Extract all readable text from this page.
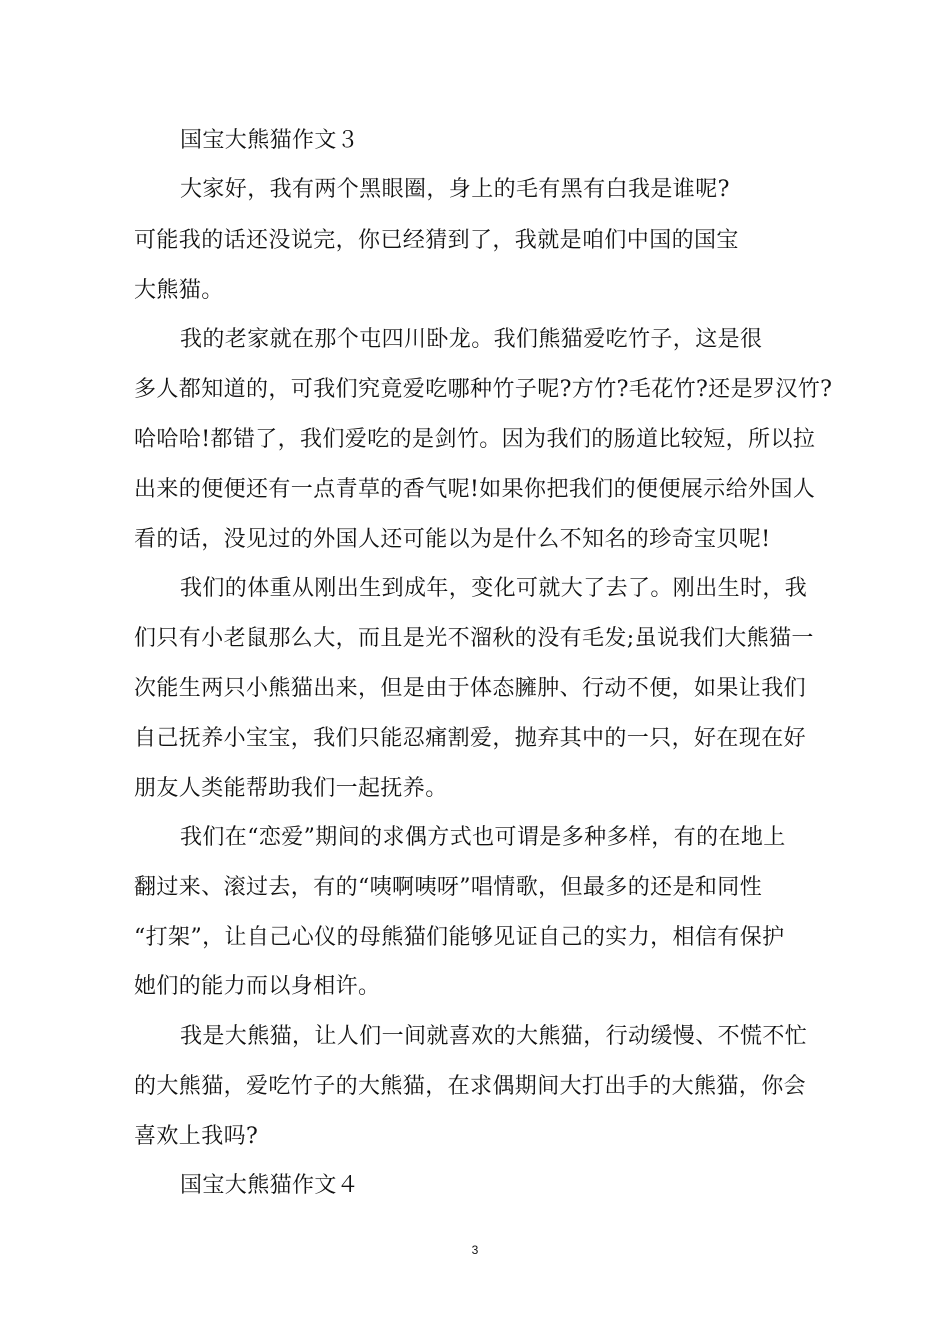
国宝大熊猫作文３
大家好，我有两个黑眼圈，身上的毛有黑有白我是谁呢?
可能我的话还没说完，你已经猜到了，我就是咱们中国的国宝
大熊猫。
我的老家就在那个屯四川卧龙。我们熊猫爱吃竹子，这是很
多人都知道的，可我们究竟爱吃哪种竹子呢?方竹?毛花竹?还是罗汉竹?
哈哈哈!都错了，我们爱吃的是剑竹。因为我们的肠道比较短，所以拉
出来的便便还有一点青草的香气呢!如果你把我们的便便展示给外国人
看的话，没见过的外国人还可能以为是什么不知名的珍奇宝贝呢!
我们的体重从刚出生到成年，变化可就大了去了。刚出生时，我
们只有小老鼠那么大，而且是光不溜秋的没有毛发;虽说我们大熊猫一
次能生两只小熊猫出来，但是由于体态臃肿、行动不便，如果让我们
自己抚养小宝宝，我们只能忍痛割爱，抛弃其中的一只，好在现在好
朋友人类能帮助我们一起抚养。
我们在“恋爱”期间的求偶方式也可谓是多种多样，有的在地上
翻过来、滚过去，有的“咦啊咦呀”唱情歌，但最多的还是和同性
“打架”，让自己心仪的母熊猫们能够见证自己的实力，相信有保护
她们的能力而以身相许。
我是大熊猫，让人们一间就喜欢的大熊猫，行动缓慢、不慌不忙
的大熊猫，爱吃竹子的大熊猫，在求偶期间大打出手的大熊猫，你会
喜欢上我吗?
国宝大熊猫作文４
3
